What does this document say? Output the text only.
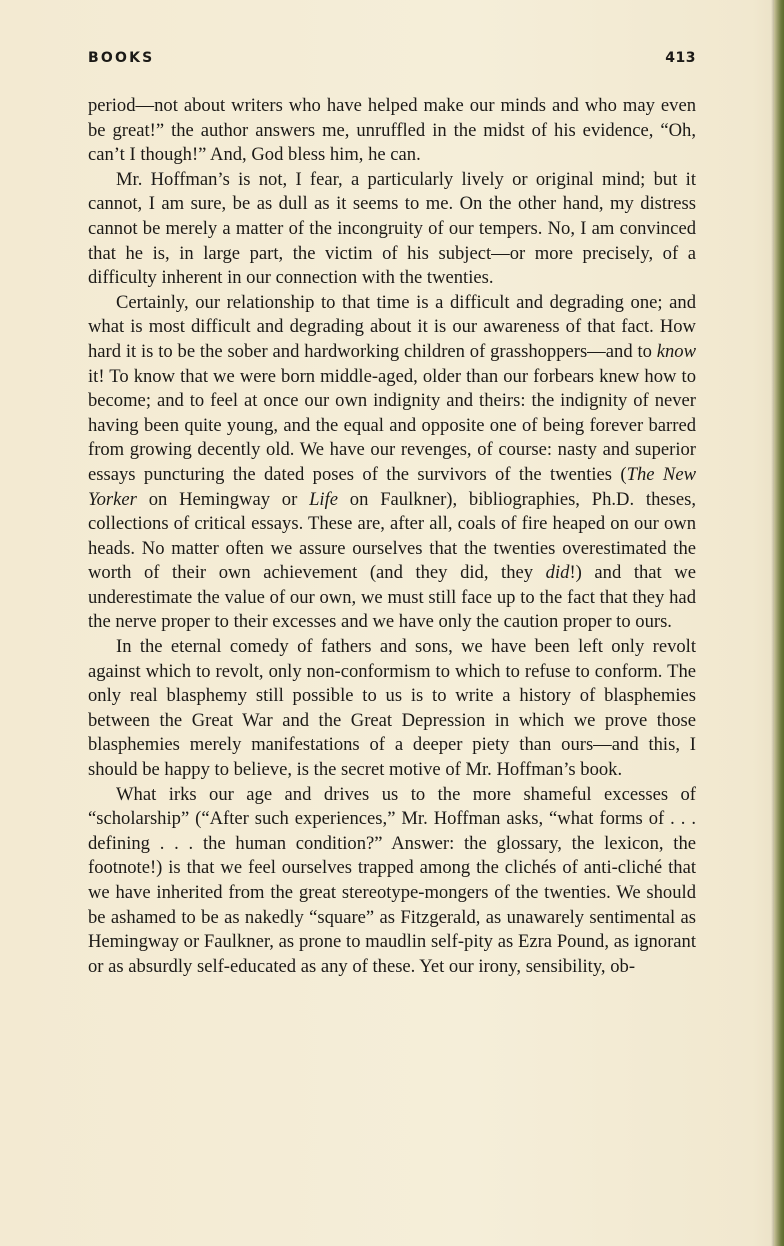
BOOKS	413

period—not about writers who have helped make our minds and who may even be great!” the author answers me, unruffled in the midst of his evidence, “Oh, can’t I though!” And, God bless him, he can.

Mr. Hoffman’s is not, I fear, a particularly lively or original mind; but it cannot, I am sure, be as dull as it seems to me. On the other hand, my distress cannot be merely a matter of the incongruity of our tempers. No, I am convinced that he is, in large part, the victim of his subject—or more precisely, of a difficulty inherent in our connection with the twenties.

Certainly, our relationship to that time is a difficult and degrading one; and what is most difficult and degrading about it is our awareness of that fact. How hard it is to be the sober and hardworking children of grasshoppers—and to know it! To know that we were born middle-aged, older than our forbears knew how to become; and to feel at once our own indignity and theirs: the indignity of never having been quite young, and the equal and opposite one of being forever barred from growing decently old. We have our revenges, of course: nasty and superior essays puncturing the dated poses of the survivors of the twenties (The New Yorker on Hemingway or Life on Faulkner), bibliographies, Ph.D. theses, collections of critical essays. These are, after all, coals of fire heaped on our own heads. No matter often we assure ourselves that the twenties overestimated the worth of their own achievement (and they did, they did!) and that we underestimate the value of our own, we must still face up to the fact that they had the nerve proper to their excesses and we have only the caution proper to ours.

In the eternal comedy of fathers and sons, we have been left only revolt against which to revolt, only non-conformism to which to refuse to conform. The only real blasphemy still possible to us is to write a history of blasphemies between the Great War and the Great Depression in which we prove those blasphemies merely manifestations of a deeper piety than ours—and this, I should be happy to believe, is the secret motive of Mr. Hoffman’s book.

What irks our age and drives us to the more shameful excesses of “scholarship” (“After such experiences,” Mr. Hoffman asks, “what forms of . . . defining . . . the human condition?” Answer: the glossary, the lexicon, the footnote!) is that we feel ourselves trapped among the clichés of anti-cliché that we have inherited from the great stereotype-mongers of the twenties. We should be ashamed to be as nakedly “square” as Fitzgerald, as unawarely sentimental as Hemingway or Faulkner, as prone to maudlin self-pity as Ezra Pound, as ignorant or as absurdly self-educated as any of these. Yet our irony, sensibility, ob-
